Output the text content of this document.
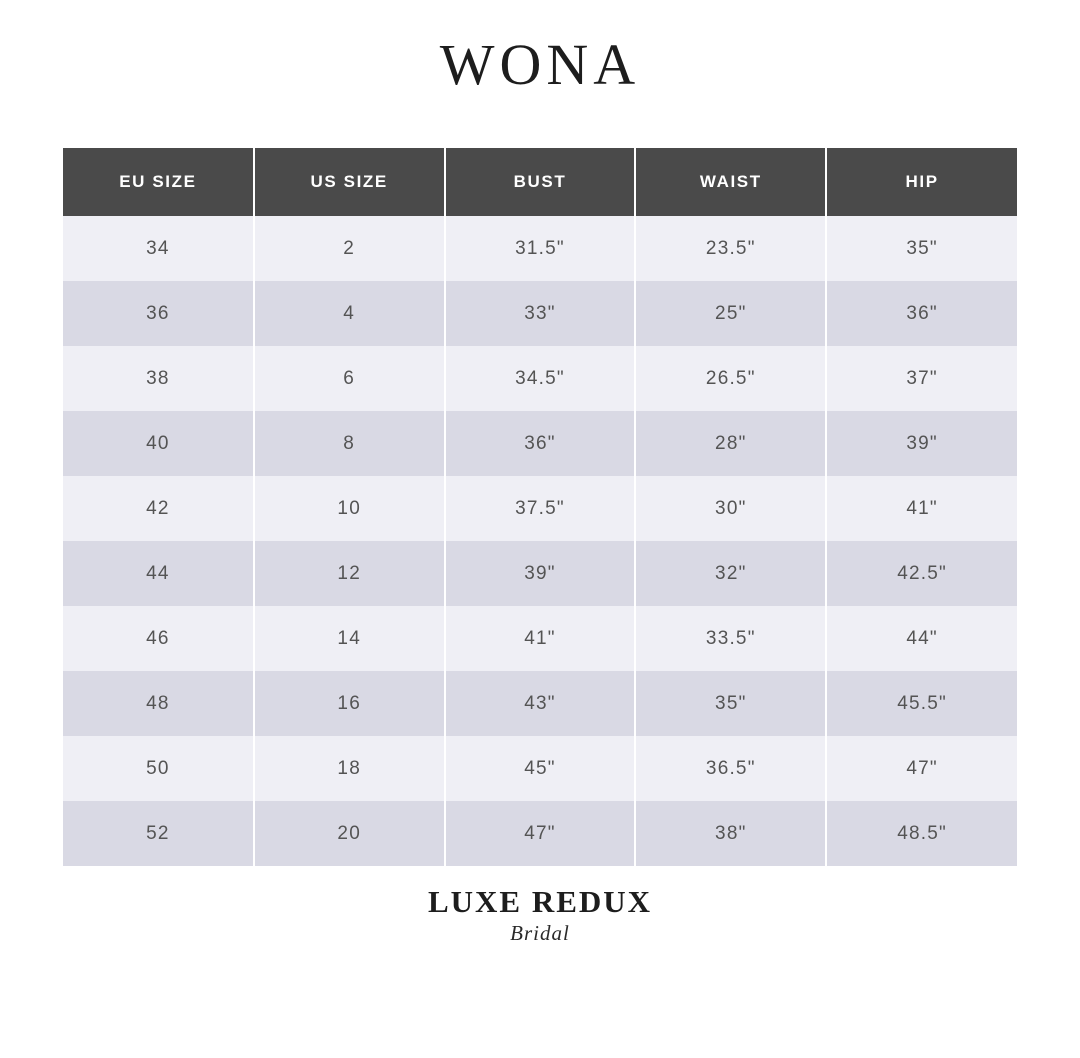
WONA
EU SIZE	US SIZE	BUST	WAIST	HIP
34	2	31.5"	23.5"	35"
36	4	33"	25"	36"
38	6	34.5"	26.5"	37"
40	8	36"	28"	39"
42	10	37.5"	30"	41"
44	12	39"	32"	42.5"
46	14	41"	33.5"	44"
48	16	43"	35"	45.5"
50	18	45"	36.5"	47"
52	20	47"	38"	48.5"
LUXE REDUX
Bridal
